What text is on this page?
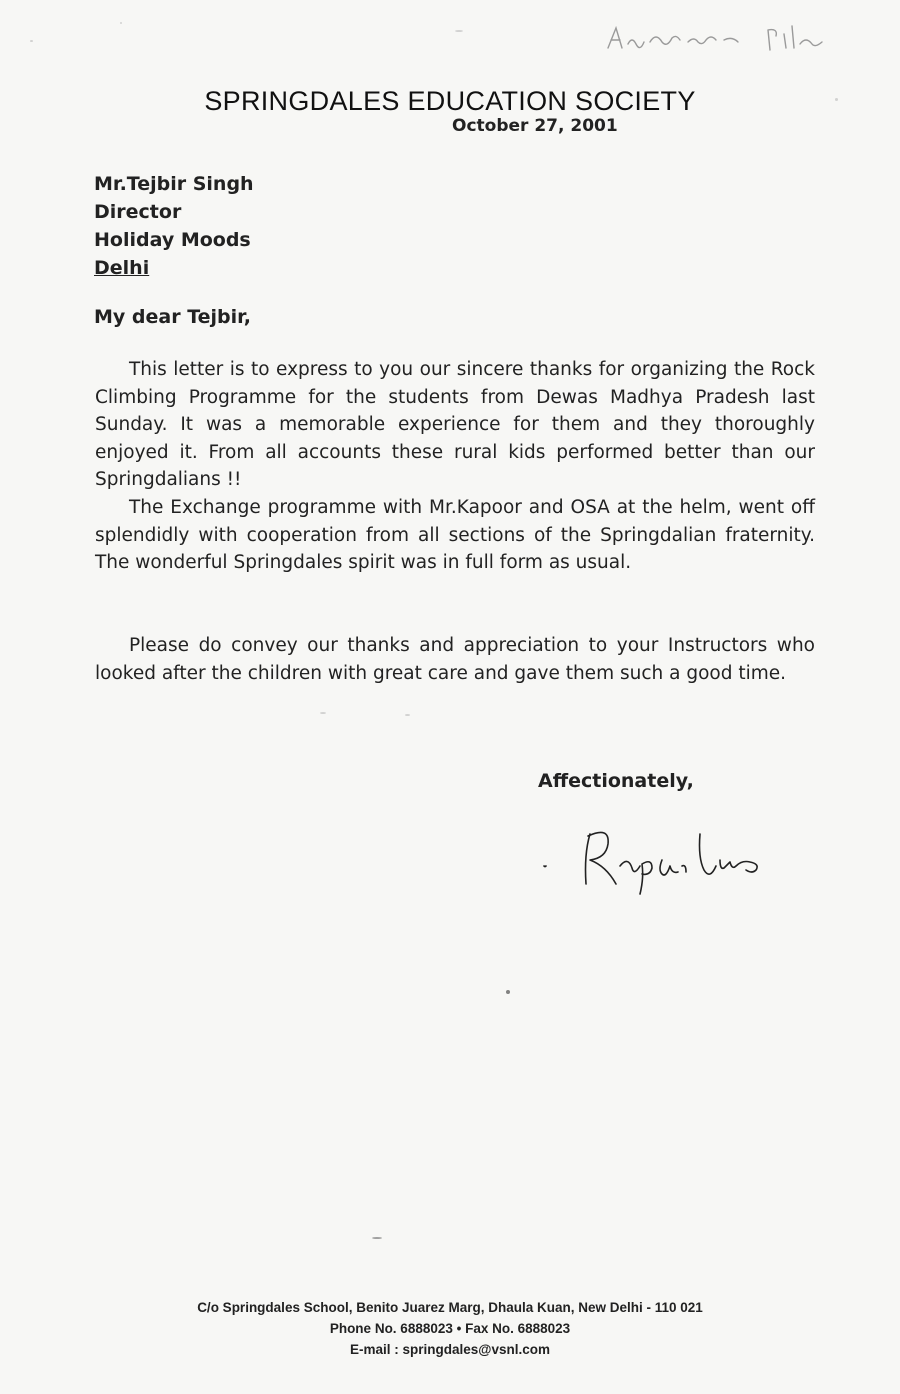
SPRINGDALES EDUCATION SOCIETY
October 27, 2001
Mr.Tejbir Singh
Director
Holiday Moods
Delhi
My dear Tejbir,
This letter is to express to you our sincere thanks for organizing the Rock Climbing Programme for the students from Dewas Madhya Pradesh last Sunday. It was a memorable experience for them and they thoroughly enjoyed it. From all accounts these rural kids performed better than our Springdalians !!
The Exchange programme with Mr.Kapoor and OSA at the helm, went off splendidly with cooperation from all sections of the Springdalian fraternity. The wonderful Springdales spirit was in full form as usual.
Please do convey our thanks and appreciation to your Instructors who looked after the children with great care and gave them such a good time.
Affectionately,
C/o Springdales School, Benito Juarez Marg, Dhaula Kuan, New Delhi - 110 021
Phone No. 6888023 • Fax No. 6888023
E-mail : springdales@vsnl.com
